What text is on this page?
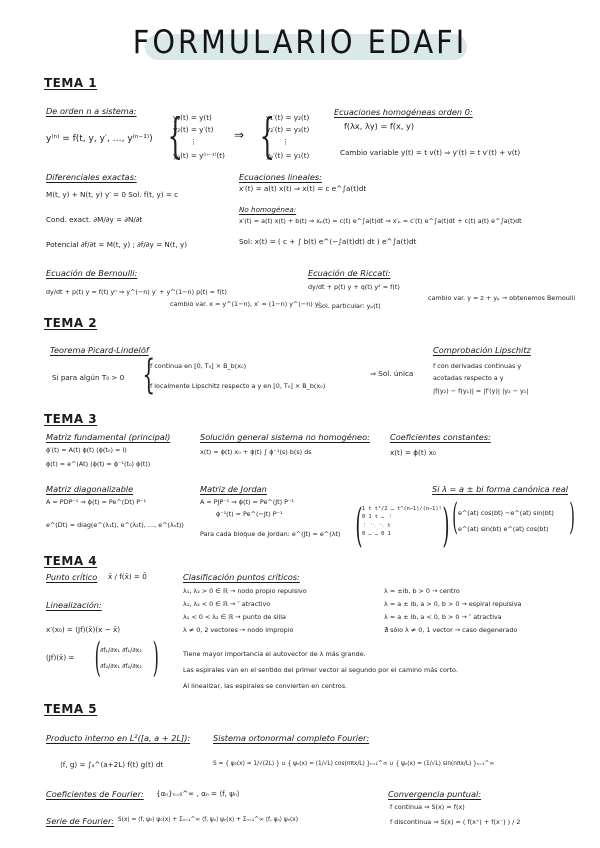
FORMULARIO EDAFI
TEMA 1
De orden n a sistema:
y⁽ⁿ⁾ = f(t, y, y′, …, y⁽ⁿ⁻¹⁾) {
y₁(t) = y(t)
y₂(t) = y′(t)
⋮
yₙ(t) = y⁽ⁿ⁻¹⁾(t)
⇒ {
y₁′(t) = y₂(t)
y₂′(t) = y₃(t)
⋮
yₙ′(t) = y₁(t)
Ecuaciones homogéneas orden 0:
f(λx, λy) = f(x, y)
Cambio variable y(t) = t v(t) ⇒ y′(t) = t v′(t) + v(t)
Diferenciales exactas:
M(t, y) + N(t, y) y′ = 0 Sol. f(t, y) = c
Cond. exact. ∂M/∂y = ∂N/∂t
Potencial ∂f/∂t = M(t, y) ; ∂f/∂y = N(t, y)
Ecuaciones lineales:
x′(t) = a(t) x(t) ⇒ x(t) = c e^∫a(t)dt
No homogénea:
x′(t) = a(t) x(t) + b(t) ⇒ xₚ(t) = c(t) e^∫a(t)dt ⇒ x′ₚ = c′(t) e^∫a(t)dt + c(t) a(t) e^∫a(t)dt
Sol: x(t) = ( c + ∫ b(t) e^(−∫a(t)dt) dt ) e^∫a(t)dt
Ecuación de Bernoulli:
dy/dt + p(t) y = f(t) yⁿ ⇒ y^(−n) y′ + y^(1−n) p(t) = f(t)
cambio var. x = y^(1−n), x′ = (1−n) y^(−n) y′
Ecuación de Riccati:
dy/dt + p(t) y + q(t) y² = f(t)
Sol. particular: yₚ(t)
cambio var. y = z + yₚ → obtenemos Bernoulli
TEMA 2
Teorema Picard-Lindelöf
Si para algún T₀ > 0 {
f continua en [0, T₀] × B_b(x₀)
f localmente Lipschitz respecto a y en [0, T₀] × B_b(x₀)
⇒ Sol. única
Comprobación Lipschitz
f con derivadas continuas y
acotadas respecto a y
|f(y₂) − f(y₁)| = |f′(y)| |y₂ − y₁|
TEMA 3
Matriz fundamental (principal)
ϕ′(t) = A(t) ϕ(t) (ϕ(t₀) = I)
ϕ(t) = e^(At) (ϕ(t) = ϕ⁻¹(t₀) ϕ(t))
Solución general sistema no homogéneo:
x(t) = ϕ(t) x₀ + ϕ(t) ∫ ϕ⁻¹(s) b(s) ds
Coeficientes constantes:
x(t) = ϕ(t) x₀
Matriz diagonalizable
A = PDP⁻¹ ⇒ ϕ(t) = Pe^(Dt) P⁻¹
e^(Dt) = diag(e^(λ₁t), e^(λ₂t), …, e^(λₙt))
Matriz de Jordan
A = PJP⁻¹ ⇒ ϕ(t) = Pe^(Jt) P⁻¹
ϕ⁻¹(t) = Pe^(−Jt) P⁻¹
Para cada bloque de Jordan: e^(Jt) = e^(λt) ( 1 t t²/2 … t^(n−1)/(n−1)!
0 1 t … ⋮
⋮ ⋱ ⋱ t
0 … … 0 1	)
Si λ = a ± bi forma canónica real
( e^(at) cos(bt) −e^(at) sin(bt)
e^(at) sin(bt) e^(at) cos(bt) )
TEMA 4
Punto crítico x̄ / f(x̄) = 0̄
Linealización:
x′(x₀) = (Jf)(x̄)(x − x̄)
(Jf)(x̄) = ( ∂f₁/∂x₁ ∂f₁/∂x₂
∂f₂/∂x₁ ∂f₂/∂x₂ )
Clasificación puntos críticos:
λ₁, λ₂ > 0 ∈ ℝ → nodo propio repulsivo
λ₁, λ₂ < 0 ∈ ℝ → ″ atractivo
λ₁ < 0 < λ₂ ∈ ℝ → punto de silla
λ ≠ 0, 2 vectores → nodo impropio
λ = ±ib, b > 0 → centro
λ = a ± ib, a > 0, b > 0 → espiral repulsiva
λ = a ± ib, a < 0, b > 0 → ″ atractiva
∄ sólo λ ≠ 0, 1 vector → caso degenerado
Tiene mayor importancia el autovector de λ más grande.
Las espirales van en el sentido del primer vector al segundo por el camino más corto.
Al linealizar, las espirales se convierten en centros.
TEMA 5
Producto interno en L²([a, a + 2L]):
⟨f, g⟩ = ∫ₐ^(a+2L) f(t) g(t) dt
Sistema ortonormal completo Fourier:
S = { ψ₀(x) = 1/√(2L) } ∪ { ψₙ(x) = (1/√L) cos(nπx/L) }ₙ₌₁^∞ ∪ { ψₙ(x) = (1/√L) sin(nπx/L) }ₙ₌₁^∞
Coeficientes de Fourier: {αₙ}ₙ₌₀^∞ , αₙ = ⟨f, ψₙ⟩	Convergencia puntual:
f continua ⇒ S(x) = f(x)
f discontinua ⇒ S(x) = ( f(x⁺) + f(x⁻) ) / 2
Serie de Fourier: S(x) = ⟨f, ψ₀⟩ ψ₀(x) + Σₙ₌₁^∞ ⟨f, ψₙ⟩ ψₙ(x) + Σₙ₌₁^∞ ⟨f, ψₙ⟩ ψₙ(x)
